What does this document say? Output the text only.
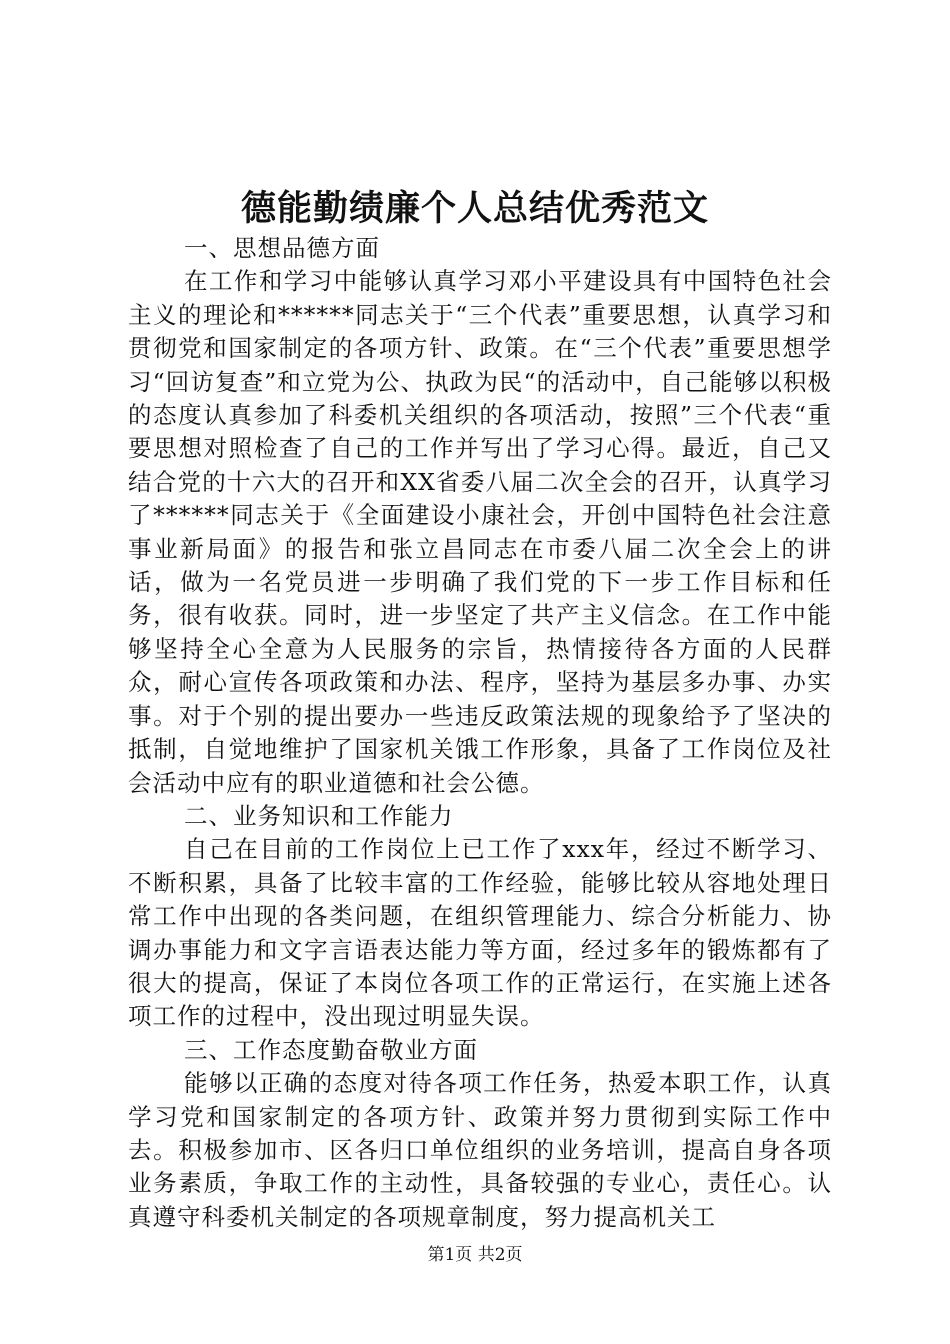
德能勤绩廉个人总结优秀范文

一、思想品德方面

在工作和学习中能够认真学习邓小平建设具有中国特色社会主义的理论和******同志关于“三个代表”重要思想，认真学习和贯彻党和国家制定的各项方针、政策。在“三个代表”重要思想学习“回访复查”和立党为公、执政为民“的活动中，自己能够以积极的态度认真参加了科委机关组织的各项活动，按照”三个代表“重要思想对照检查了自己的工作并写出了学习心得。最近，自己又结合党的十六大的召开和XX省委八届二次全会的召开，认真学习了******同志关于《全面建设小康社会，开创中国特色社会注意事业新局面》的报告和张立昌同志在市委八届二次全会上的讲话，做为一名党员进一步明确了我们党的下一步工作目标和任务，很有收获。同时，进一步坚定了共产主义信念。在工作中能够坚持全心全意为人民服务的宗旨，热情接待各方面的人民群众，耐心宣传各项政策和办法、程序，坚持为基层多办事、办实事。对于个别的提出要办一些违反政策法规的现象给予了坚决的抵制，自觉地维护了国家机关饿工作形象，具备了工作岗位及社会活动中应有的职业道德和社会公德。

二、业务知识和工作能力

自己在目前的工作岗位上已工作了xxx年，经过不断学习、不断积累，具备了比较丰富的工作经验，能够比较从容地处理日常工作中出现的各类问题，在组织管理能力、综合分析能力、协调办事能力和文字言语表达能力等方面，经过多年的锻炼都有了很大的提高，保证了本岗位各项工作的正常运行，在实施上述各项工作的过程中，没出现过明显失误。

三、工作态度勤奋敬业方面

能够以正确的态度对待各项工作任务，热爱本职工作，认真学习党和国家制定的各项方针、政策并努力贯彻到实际工作中去。积极参加市、区各归口单位组织的业务培训，提高自身各项业务素质，争取工作的主动性，具备较强的专业心，责任心。认真遵守科委机关制定的各项规章制度，努力提高机关工

第1页 共2页
